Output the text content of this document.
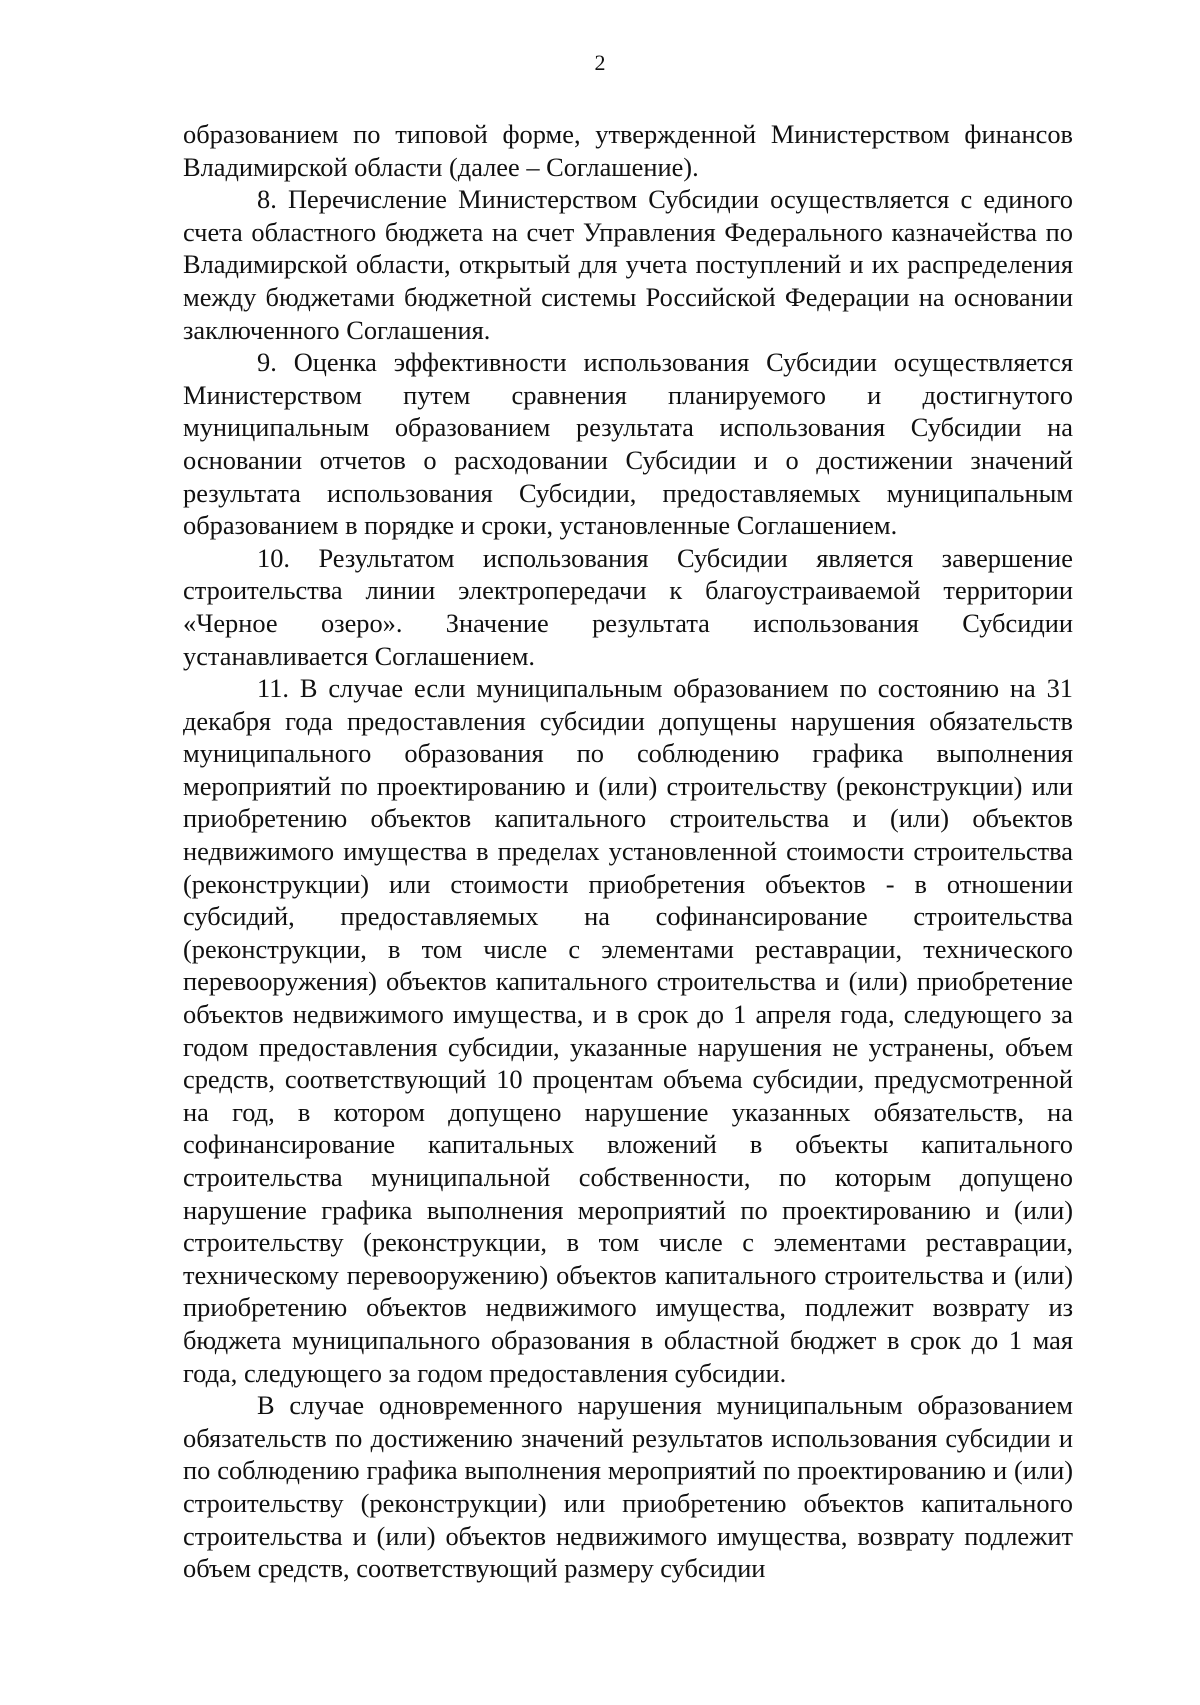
2

образованием по типовой форме, утвержденной Министерством финансов Владимирской области (далее – Соглашение).

8. Перечисление Министерством Субсидии осуществляется с единого счета областного бюджета на счет Управления Федерального казначейства по Владимирской области, открытый для учета поступлений и их распределения между бюджетами бюджетной системы Российской Федерации на основании заключенного Соглашения.

9. Оценка эффективности использования Субсидии осуществляется Министерством путем сравнения планируемого и достигнутого муниципальным образованием результата использования Субсидии на основании отчетов о расходовании Субсидии и о достижении значений результата использования Субсидии, предоставляемых муниципальным образованием в порядке и сроки, установленные Соглашением.

10. Результатом использования Субсидии является завершение строительства линии электропередачи к благоустраиваемой территории «Черное озеро». Значение результата использования Субсидии устанавливается Соглашением.

11. В случае если муниципальным образованием по состоянию на 31 декабря года предоставления субсидии допущены нарушения обязательств муниципального образования по соблюдению графика выполнения мероприятий по проектированию и (или) строительству (реконструкции) или приобретению объектов капитального строительства и (или) объектов недвижимого имущества в пределах установленной стоимости строительства (реконструкции) или стоимости приобретения объектов - в отношении субсидий, предоставляемых на софинансирование строительства (реконструкции, в том числе с элементами реставрации, технического перевооружения) объектов капитального строительства и (или) приобретение объектов недвижимого имущества, и в срок до 1 апреля года, следующего за годом предоставления субсидии, указанные нарушения не устранены, объем средств, соответствующий 10 процентам объема субсидии, предусмотренной на год, в котором допущено нарушение указанных обязательств, на софинансирование капитальных вложений в объекты капитального строительства муниципальной собственности, по которым допущено нарушение графика выполнения мероприятий по проектированию и (или) строительству (реконструкции, в том числе с элементами реставрации, техническому перевооружению) объектов капитального строительства и (или) приобретению объектов недвижимого имущества, подлежит возврату из бюджета муниципального образования в областной бюджет в срок до 1 мая года, следующего за годом предоставления субсидии.

В случае одновременного нарушения муниципальным образованием обязательств по достижению значений результатов использования субсидии и по соблюдению графика выполнения мероприятий по проектированию и (или) строительству (реконструкции) или приобретению объектов капитального строительства и (или) объектов недвижимого имущества, возврату подлежит объем средств, соответствующий размеру субсидии
